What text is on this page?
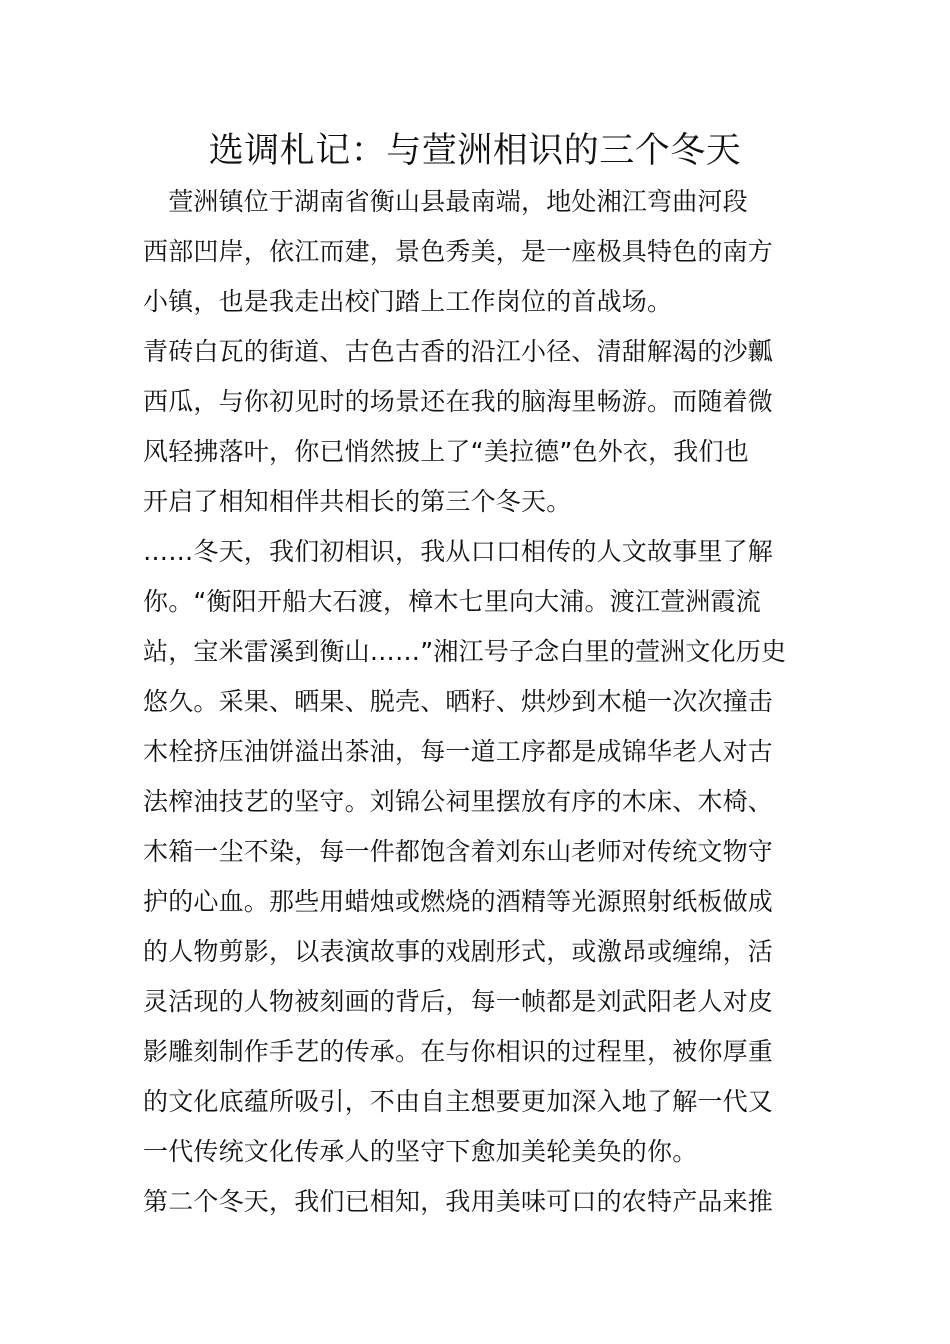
选调札记：与萱洲相识的三个冬天
　萱洲镇位于湖南省衡山县最南端，地处湘江弯曲河段
西部凹岸，依江而建，景色秀美，是一座极具特色的南方
小镇，也是我走出校门踏上工作岗位的首战场。
青砖白瓦的街道、古色古香的沿江小径、清甜解渴的沙瓤
西瓜，与你初见时的场景还在我的脑海里畅游。而随着微
风轻拂落叶，你已悄然披上了“美拉德”色外衣，我们也
开启了相知相伴共相长的第三个冬天。
……冬天，我们初相识，我从口口相传的人文故事里了解
你。“衡阳开船大石渡，樟木七里向大浦。渡江萱洲霞流
站，宝米雷溪到衡山……”湘江号子念白里的萱洲文化历史
悠久。采果、晒果、脱壳、晒籽、烘炒到木槌一次次撞击
木栓挤压油饼溢出茶油，每一道工序都是成锦华老人对古
法榨油技艺的坚守。刘锦公祠里摆放有序的木床、木椅、
木箱一尘不染，每一件都饱含着刘东山老师对传统文物守
护的心血。那些用蜡烛或燃烧的酒精等光源照射纸板做成
的人物剪影，以表演故事的戏剧形式，或激昂或缠绵，活
灵活现的人物被刻画的背后，每一帧都是刘武阳老人对皮
影雕刻制作手艺的传承。在与你相识的过程里，被你厚重
的文化底蕴所吸引，不由自主想要更加深入地了解一代又
一代传统文化传承人的坚守下愈加美轮美奂的你。
第二个冬天，我们已相知，我用美味可口的农特产品来推
